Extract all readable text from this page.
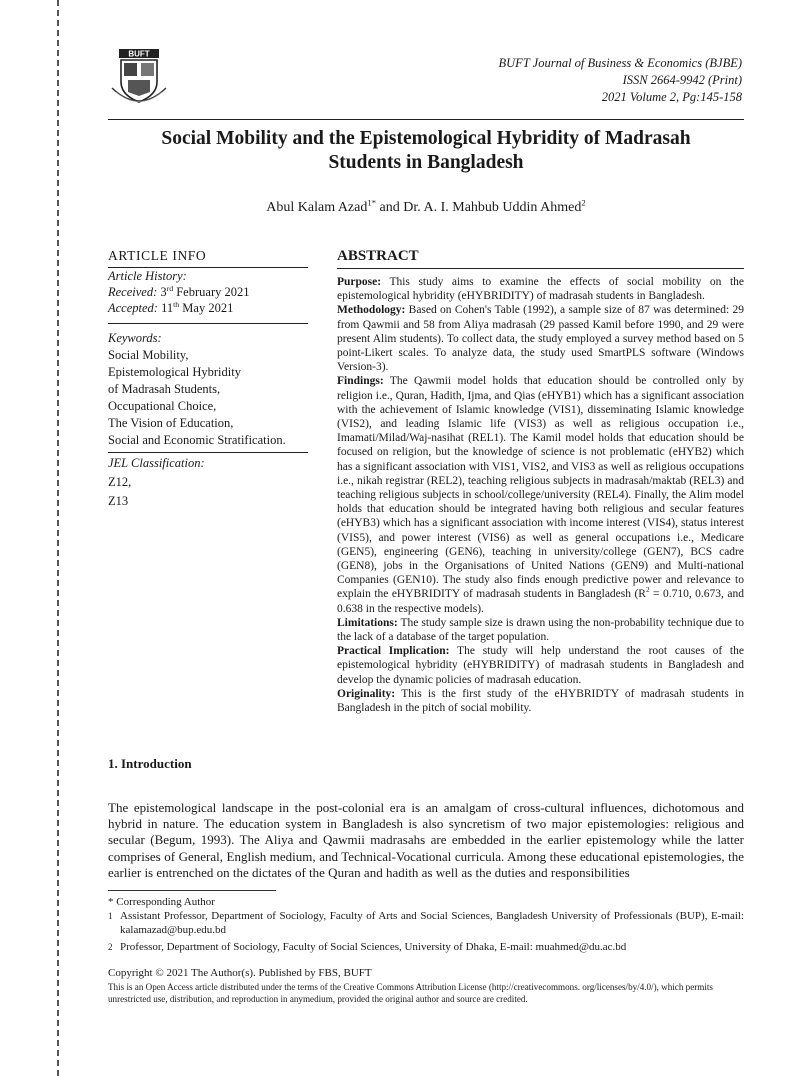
BUFT
BUFT Journal of Business & Economics (BJBE)
ISSN 2664-9942 (Print)
2021 Volume 2, Pg:145-158
Social Mobility and the Epistemological Hybridity of Madrasah
Students in Bangladesh
Abul Kalam Azad$^{1*}$ and Dr. A. I. Mahbub Uddin Ahmed$^2$
ARTICLE INFO
Article History:
Received: 3rd February 2021
Accepted: 11th May 2021
Keywords:
Social Mobility,
Epistemological Hybridity
of Madrasah Students,
Occupational Choice,
The Vision of Education,
Social and Economic Stratification.
JEL Classification:
Z12,
Z13
ABSTRACT

Purpose: This study aims to examine the effects of social mobility on the epistemological hybridity (eHYBRIDITY) of madrasah students in Bangladesh.

Methodology: Based on Cohen's Table (1992), a sample size of 87 was determined: 29 from Qawmii and 58 from Aliya madrasah (29 passed Kamil before 1990, and 29 were present Alim students). To collect data, the study employed a survey method based on 5 point-Likert scales. To analyze data, the study used SmartPLS software (Windows Version-3).

Findings: The Qawmii model holds that education should be controlled only by religion i.e., Quran, Hadith, Ijma, and Qias (eHYB1) which has a significant association with the achievement of Islamic knowledge (VIS1), disseminating Islamic knowledge (VIS2), and leading Islamic life (VIS3) as well as religious occupation i.e., Imamati/Milad/Waj-nasihat (REL1). The Kamil model holds that education should be focused on religion, but the knowledge of science is not problematic (eHYB2) which has a significant association with VIS1, VIS2, and VIS3 as well as religious occupations i.e., nikah registrar (REL2), teaching religious subjects in madrasah/maktab (REL3) and teaching religious subjects in school/college/university (REL4). Finally, the Alim model holds that education should be integrated having both religious and secular features (eHYB3) which has a significant association with income interest (VIS4), status interest (VIS5), and power interest (VIS6) as well as general occupations i.e., Medicare (GEN5), engineering (GEN6), teaching in university/college (GEN7), BCS cadre (GEN8), jobs in the Organisations of United Nations (GEN9) and Multi-national Companies (GEN10). The study also finds enough predictive power and relevance to explain the eHYBRIDITY of madrasah students in Bangladesh ($R^2 = 0.710$, 0.673, and 0.638 in the respective models).

Limitations: The study sample size is drawn using the non-probability technique due to the lack of a database of the target population.

Practical Implication: The study will help understand the root causes of the epistemological hybridity (eHYBRIDITY) of madrasah students in Bangladesh and develop the dynamic policies of madrasah education.

Originality: This is the first study of the eHYBRIDTY of madrasah students in Bangladesh in the pitch of social mobility.

1. Introduction

The epistemological landscape in the post-colonial era is an amalgam of cross-cultural influences, dichotomous and hybrid in nature. The education system in Bangladesh is also syncretism of two major epistemologies: religious and secular (Begum, 1993). The Aliya and Qawmii madrasahs are embedded in the earlier epistemology while the latter comprises of General, English medium, and Technical-Vocational curricula. Among these educational epistemologies, the earlier is entrenched on the dictates of the Quran and hadith as well as the duties and responsibilities

* Corresponding Author
1 Assistant Professor, Department of Sociology, Faculty of Arts and Social Sciences, Bangladesh University of Professionals (BUP), E-mail: kalamazad@bup.edu.bd
2 Professor, Department of Sociology, Faculty of Social Sciences, University of Dhaka, E-mail: muahmed@du.ac.bd
Copyright © 2021 The Author(s). Published by FBS, BUFT
This is an Open Access article distributed under the terms of the Creative Commons Attribution License (http://creativecommons. org/licenses/by/4.0/), which permits unrestricted use, distribution, and reproduction in anymedium, provided the original author and source are credited.
